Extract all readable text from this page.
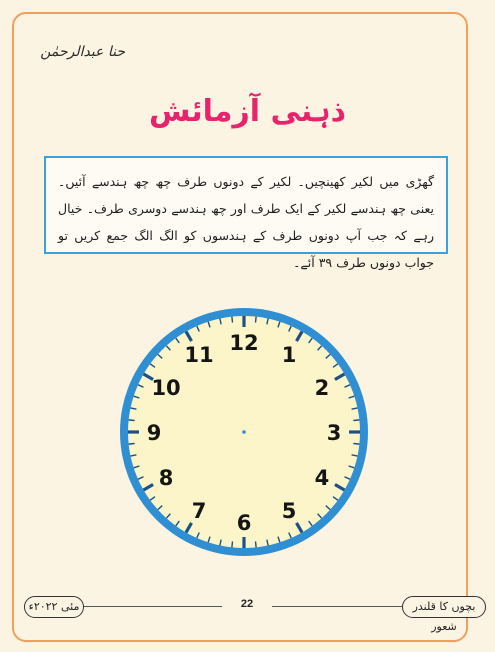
حنا عبدالرحمٰن
ذہنی آزمائش
گھڑی میں لکیر کھینچیں۔ لکیر کے دونوں طرف چھ چھ ہندسے آئیں۔ یعنی چھ ہندسے لکیر کے ایک طرف اور چھ ہندسے دوسری طرف۔ خیال رہے کہ جب آپ دونوں طرف کے ہندسوں کو الگ الگ جمع کریں تو جواب دونوں طرف ۳۹ آئے۔
12
1
2
3
4
5
6
7
8
9
10
11
مئی ۲۰۲۲ء	22	بچوں کا قلندر شعور
